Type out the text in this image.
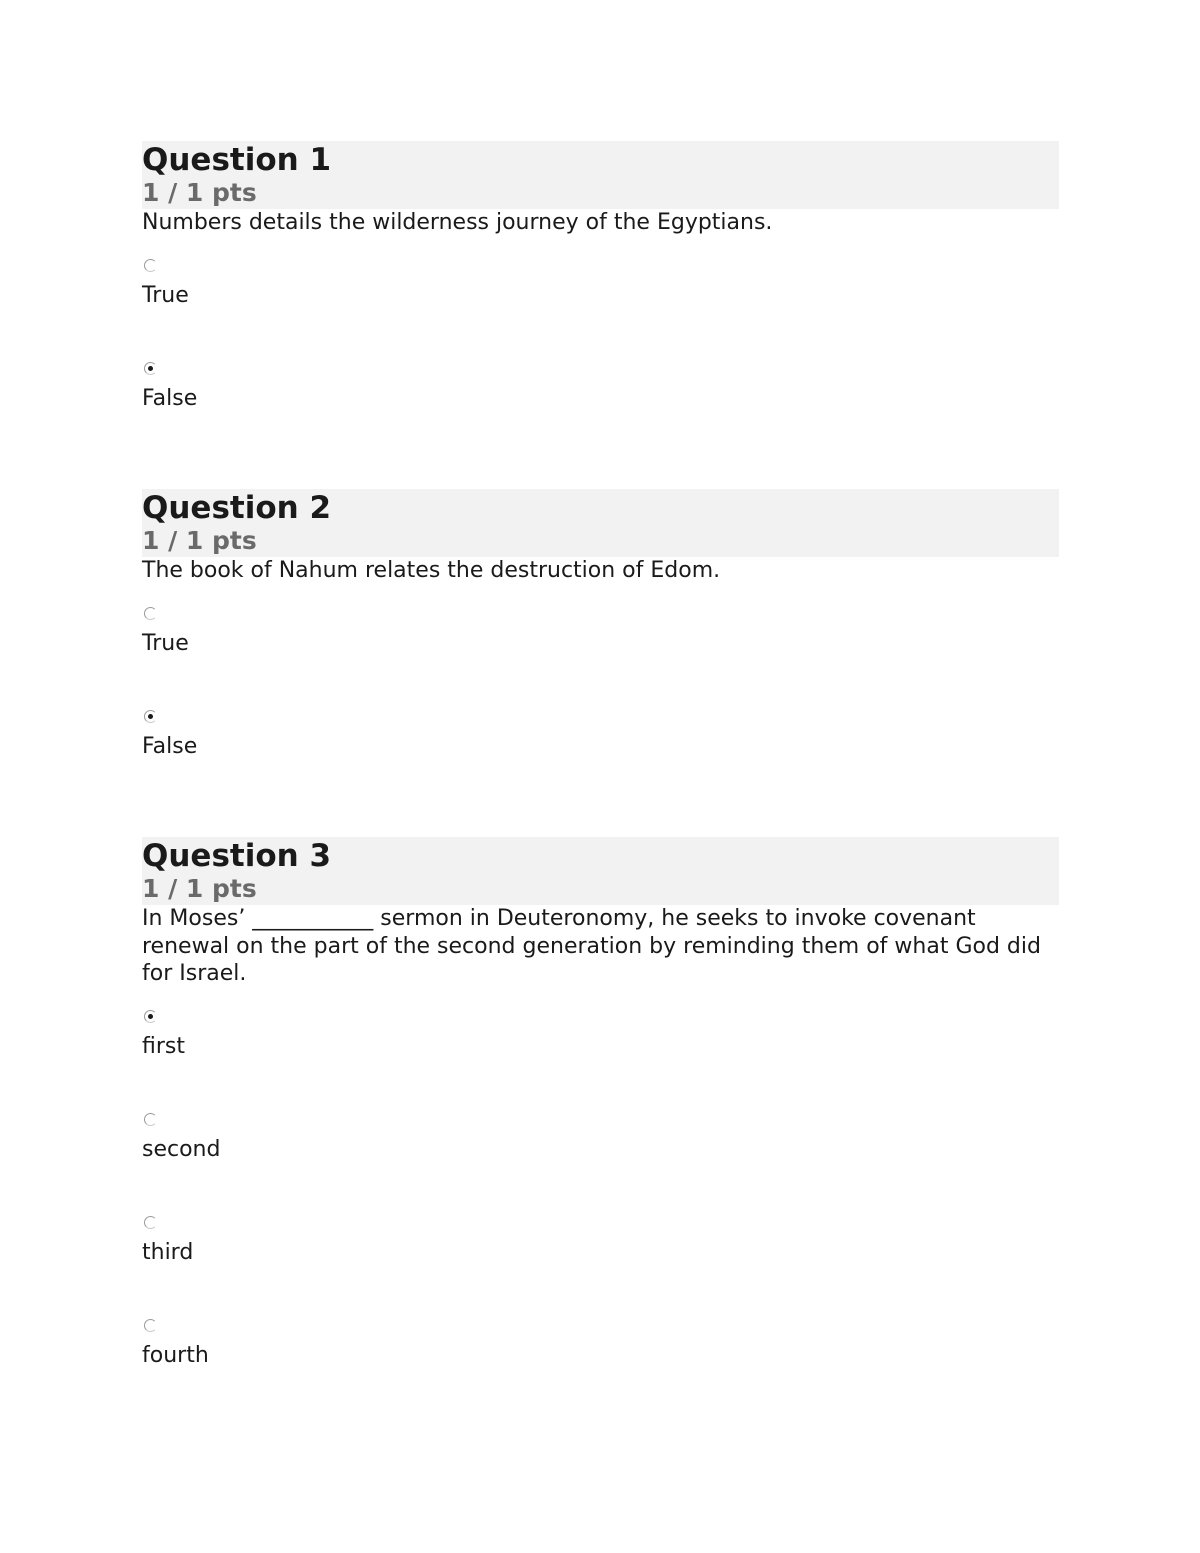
Question 1
1 / 1 pts

Numbers details the wilderness journey of the Egyptians.

True
False
Question 2
1 / 1 pts

The book of Nahum relates the destruction of Edom.

True
False
Question 3
1 / 1 pts

In Moses’ ___________ sermon in Deuteronomy, he seeks to invoke covenant renewal on the part of the second generation by reminding them of what God did for Israel.

first
second
third
fourth
